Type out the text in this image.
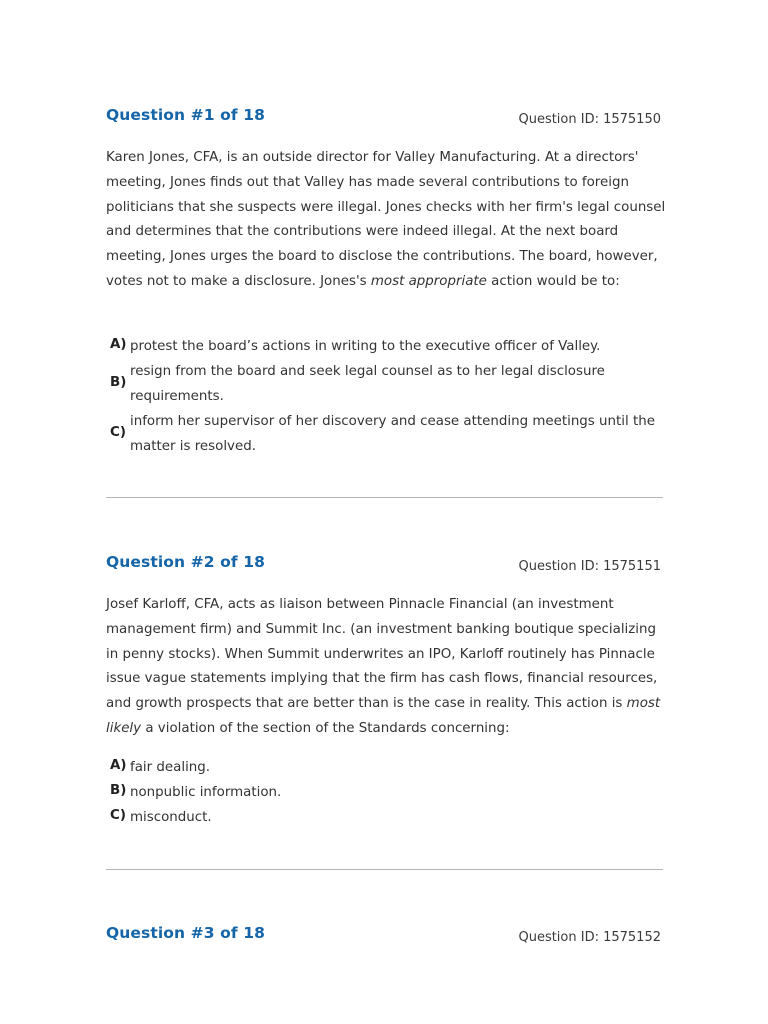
Question #1 of 18	Question ID: 1575150
Karen Jones, CFA, is an outside director for Valley Manufacturing. At a directors' meeting, Jones finds out that Valley has made several contributions to foreign politicians that she suspects were illegal. Jones checks with her firm's legal counsel and determines that the contributions were indeed illegal. At the next board meeting, Jones urges the board to disclose the contributions. The board, however, votes not to make a disclosure. Jones's most appropriate action would be to:
A) protest the board’s actions in writing to the executive officer of Valley.
B)
resign from the board and seek legal counsel as to her legal disclosure requirements.
C)
inform her supervisor of her discovery and cease attending meetings until the matter is resolved.
Question #2 of 18	Question ID: 1575151
Josef Karloff, CFA, acts as liaison between Pinnacle Financial (an investment management firm) and Summit Inc. (an investment banking boutique specializing in penny stocks). When Summit underwrites an IPO, Karloff routinely has Pinnacle issue vague statements implying that the firm has cash flows, financial resources, and growth prospects that are better than is the case in reality. This action is most likely a violation of the section of the Standards concerning:
A) fair dealing.
B) nonpublic information.
C) misconduct.
Question #3 of 18	Question ID: 1575152
